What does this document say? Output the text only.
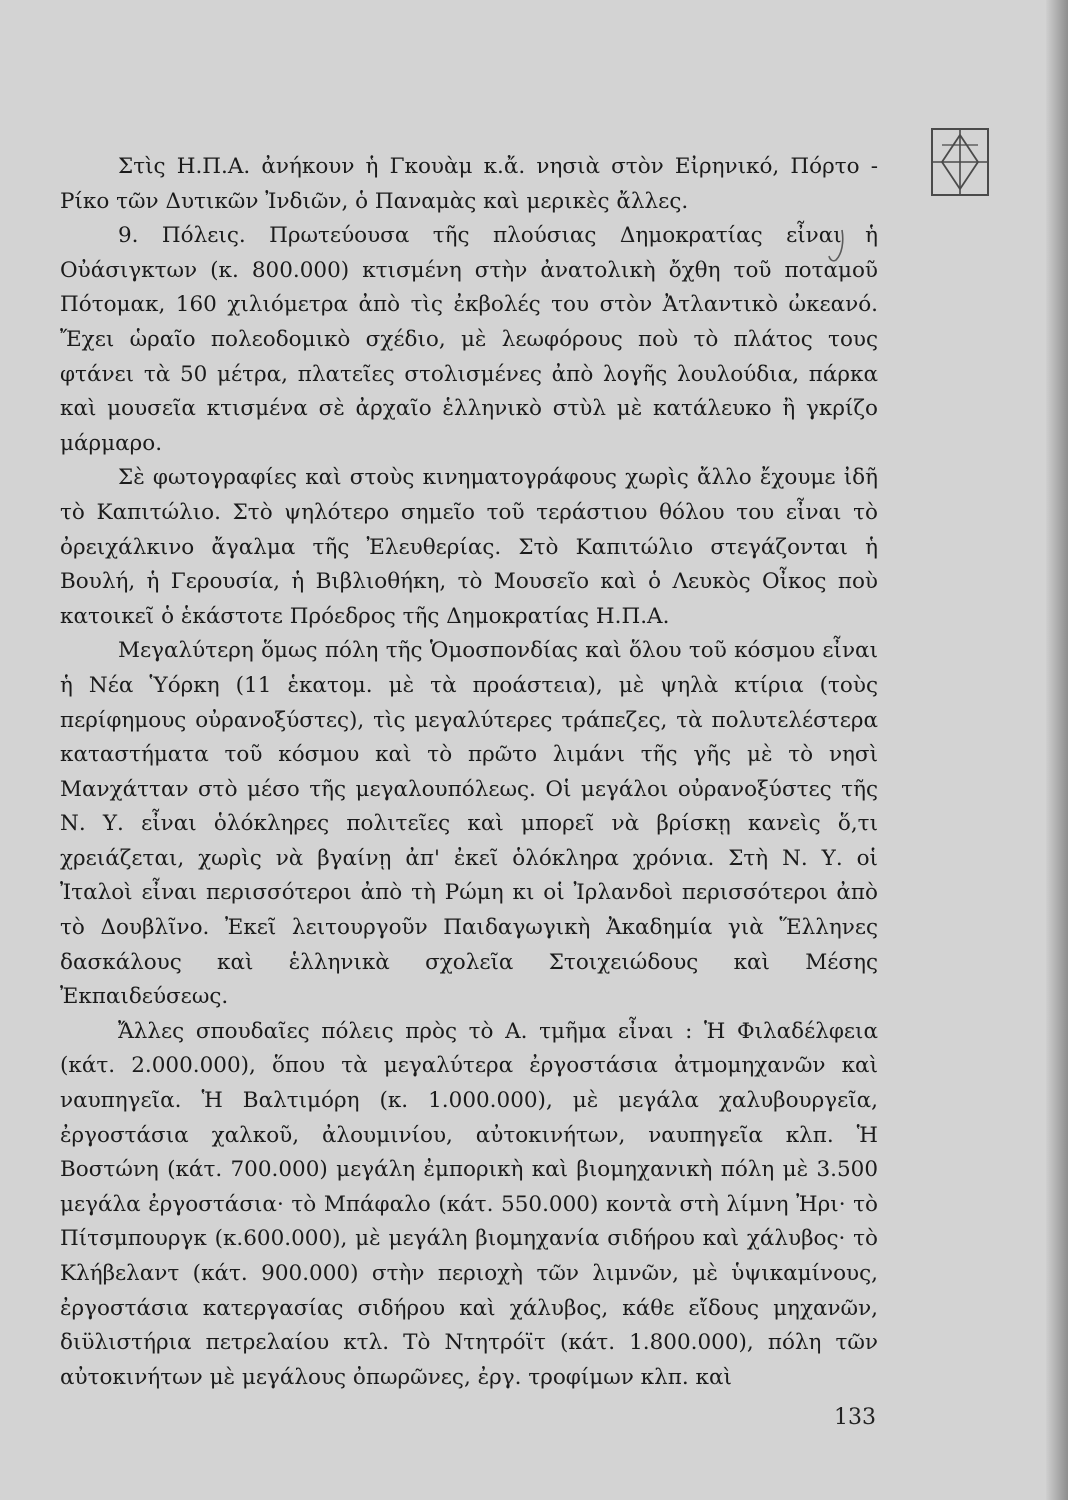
Στὶς Η.Π.Α. ἀνήκουν ἡ Γκουὰμ κ.ἄ. νησιὰ στὸν Εἰρηνικό, Πόρτο - Ρίκο τῶν Δυτικῶν Ἰνδιῶν, ὁ Παναμὰς καὶ μερικὲς ἄλλες.

9. Πόλεις. Πρωτεύουσα τῆς πλούσιας Δημοκρατίας εἶναι ἡ Οὐάσιγκτων (κ. 800.000) κτισμένη στὴν ἀνατολικὴ ὄχθη τοῦ ποταμοῦ Πότομακ, 160 χιλιόμετρα ἀπὸ τὶς ἐκβολές του στὸν Ἀτλαντικὸ ὠκεανό. Ἔχει ὡραῖο πολεοδομικὸ σχέδιο, μὲ λεωφόρους ποὺ τὸ πλάτος τους φτάνει τὰ 50 μέτρα, πλατεῖες στολισμένες ἀπὸ λογῆς λουλούδια, πάρκα καὶ μουσεῖα κτισμένα σὲ ἀρχαῖο ἑλληνικὸ στὺλ μὲ κατάλευκο ἢ γκρίζο μάρμαρο.

Σὲ φωτογραφίες καὶ στοὺς κινηματογράφους χωρὶς ἄλλο ἔχουμε ἰδῆ τὸ Καπιτώλιο. Στὸ ψηλότερο σημεῖο τοῦ τεράστιου θόλου του εἶναι τὸ ὀρειχάλκινο ἄγαλμα τῆς Ἐλευθερίας. Στὸ Καπιτώλιο στεγάζονται ἡ Βουλή, ἡ Γερουσία, ἡ Βιβλιοθήκη, τὸ Μουσεῖο καὶ ὁ Λευκὸς Οἶκος ποὺ κατοικεῖ ὁ ἑκάστοτε Πρόεδρος τῆς Δημοκρατίας Η.Π.Α.

Μεγαλύτερη ὅμως πόλη τῆς Ὁμοσπονδίας καὶ ὅλου τοῦ κόσμου εἶναι ἡ Νέα Ὑόρκη (11 ἑκατομ. μὲ τὰ προάστεια), μὲ ψηλὰ κτίρια (τοὺς περίφημους οὐρανοξύστες), τὶς μεγαλύτερες τράπεζες, τὰ πολυτελέστερα καταστήματα τοῦ κόσμου καὶ τὸ πρῶτο λιμάνι τῆς γῆς μὲ τὸ νησὶ Μανχάτταν στὸ μέσο τῆς μεγαλουπόλεως. Οἱ μεγάλοι οὐρανοξύστες τῆς Ν. Υ. εἶναι ὁλόκληρες πολιτεῖες καὶ μπορεῖ νὰ βρίσκῃ κανεὶς ὅ,τι χρειάζεται, χωρὶς νὰ βγαίνῃ ἀπ' ἐκεῖ ὁλόκληρα χρόνια. Στὴ Ν. Υ. οἱ Ἰταλοὶ εἶναι περισσότεροι ἀπὸ τὴ Ρώμη κι οἱ Ἰρλανδοὶ περισσότεροι ἀπὸ τὸ Δουβλῖνο. Ἐκεῖ λειτουργοῦν Παιδαγωγικὴ Ἀκαδημία γιὰ Ἕλληνες δασκάλους καὶ ἑλληνικὰ σχολεῖα Στοιχειώδους καὶ Μέσης Ἐκπαιδεύσεως.

Ἄλλες σπουδαῖες πόλεις πρὸς τὸ Α. τμῆμα εἶναι : Ἡ Φιλαδέλφεια (κάτ. 2.000.000), ὅπου τὰ μεγαλύτερα ἐργοστάσια ἀτμομηχανῶν καὶ ναυπηγεῖα. Ἡ Βαλτιμόρη (κ. 1.000.000), μὲ μεγάλα χαλυβουργεῖα, ἐργοστάσια χαλκοῦ, ἀλουμινίου, αὐτοκινήτων, ναυπηγεῖα κλπ. Ἡ Βοστώνη (κάτ. 700.000) μεγάλη ἐμπορικὴ καὶ βιομηχανικὴ πόλη μὲ 3.500 μεγάλα ἐργοστάσια· τὸ Μπάφαλο (κάτ. 550.000) κοντὰ στὴ λίμνη Ἠρι· τὸ Πίτσμπουργκ (κ.600.000), μὲ μεγάλη βιομηχανία σιδήρου καὶ χάλυβος· τὸ Κλήβελαντ (κάτ. 900.000) στὴν περιοχὴ τῶν λιμνῶν, μὲ ὑψικαμίνους, ἐργοστάσια κατεργασίας σιδήρου καὶ χάλυβος, κάθε εἴδους μηχανῶν, διϋλιστήρια πετρελαίου κτλ. Τὸ Ντητρόϊτ (κάτ. 1.800.000), πόλη τῶν αὐτοκινήτων μὲ μεγάλους ὀπωρῶνες, ἐργ. τροφίμων κλπ. καὶ

133
